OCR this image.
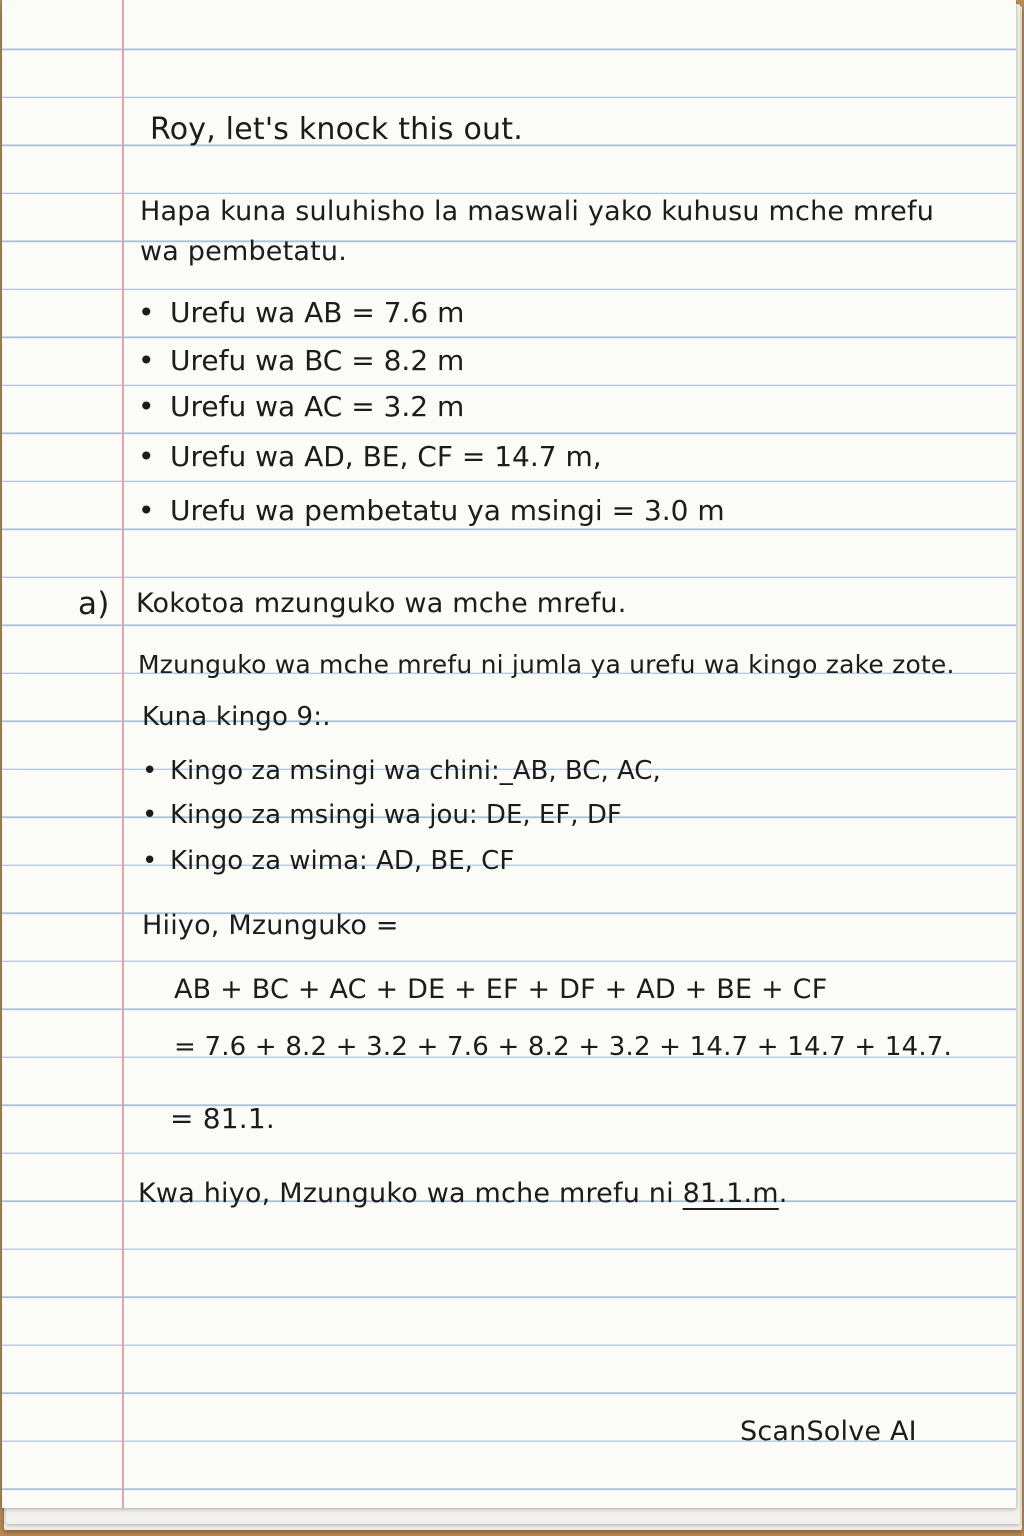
Roy, let's knock this out.
Hapa kuna suluhisho la maswali yako kuhusu mche mrefu
wa pembetatu.
• Urefu wa AB = 7.6 m
• Urefu wa BC = 8.2 m
• Urefu wa AC = 3.2 m
• Urefu wa AD, BE, CF = 14.7 m,
• Urefu wa pembetatu ya msingi = 3.0 m
a) Kokotoa mzunguko wa mche mrefu.
Mzunguko wa mche mrefu ni jumla ya urefu wa kingo zake zote.
Kuna kingo 9:.
• Kingo za msingi wa chini:_AB, BC, AC,
• Kingo za msingi wa jou: DE, EF, DF
• Kingo za wima: AD, BE, CF
Hiiyo, Mzunguko =
AB + BC + AC + DE + EF + DF + AD + BE + CF
= 7.6 + 8.2 + 3.2 + 7.6 + 8.2 + 3.2 + 14.7 + 14.7 + 14.7.
= 81.1.
Kwa hiyo, Mzunguko wa mche mrefu ni 81.1.m.
ScanSolve AI
